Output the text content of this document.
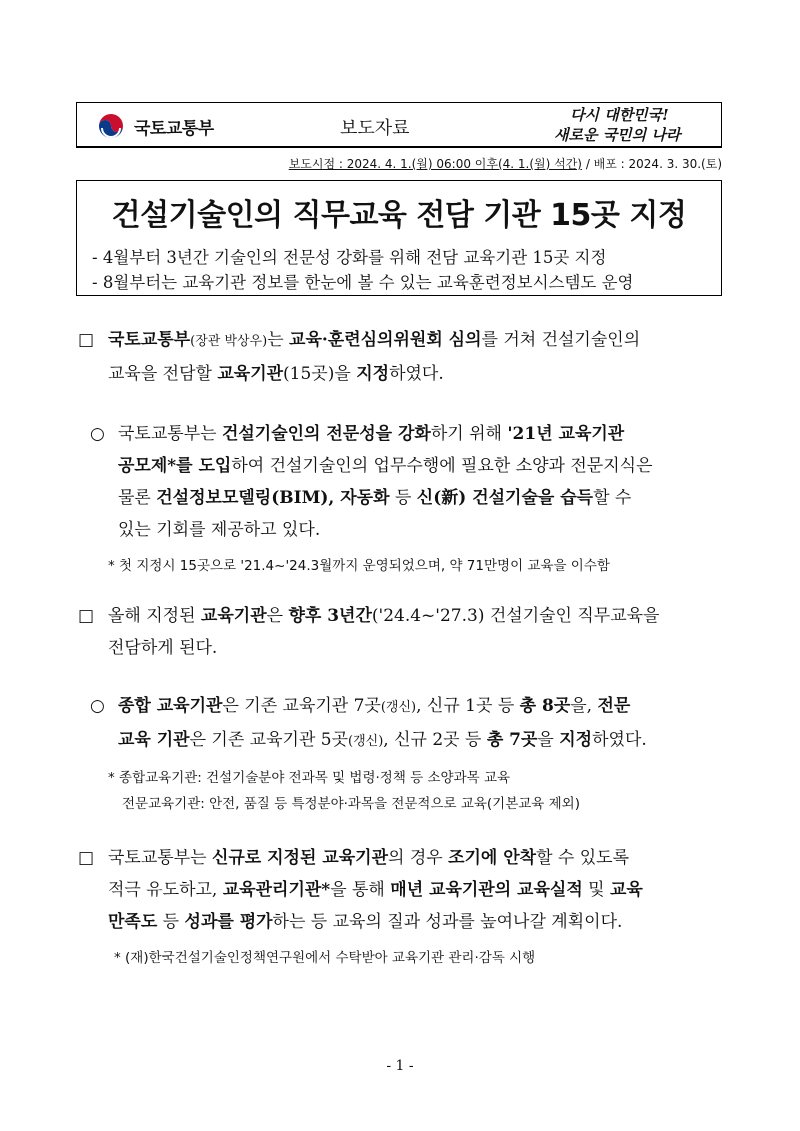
국토교통부	보도자료
다시 대한민국!
새로운 국민의 나라
보도시점 : 2024. 4. 1.(월) 06:00 이후(4. 1.(월) 석간) / 배포 : 2024. 3. 30.(토)
건설기술인의 직무교육 전담 기관 15곳 지정
- 4월부터 3년간 기술인의 전문성 강화를 위해 전담 교육기관 15곳 지정
- 8월부터는 교육기관 정보를 한눈에 볼 수 있는 교육훈련정보시스템도 운영
□ 국토교통부(장관 박상우)는 교육·훈련심의위원회 심의를 거쳐 건설기술인의
교육을 전담할 교육기관(15곳)을 지정하였다.
○ 국토교통부는 건설기술인의 전문성을 강화하기 위해 '21년 교육기관
공모제*를 도입하여 건설기술인의 업무수행에 필요한 소양과 전문지식은
물론 건설정보모델링(BIM), 자동화 등 신(新) 건설기술을 습득할 수
있는 기회를 제공하고 있다.
* 첫 지정시 15곳으로 '21.4~'24.3월까지 운영되었으며, 약 71만명이 교육을 이수함
□ 올해 지정된 교육기관은 향후 3년간('24.4~'27.3) 건설기술인 직무교육을
전담하게 된다.
○ 종합 교육기관은 기존 교육기관 7곳(갱신), 신규 1곳 등 총 8곳을, 전문
교육 기관은 기존 교육기관 5곳(갱신), 신규 2곳 등 총 7곳을 지정하였다.
* 종합교육기관: 건설기술분야 전과목 및 법령·정책 등 소양과목 교육
전문교육기관: 안전, 품질 등 특정분야·과목을 전문적으로 교육(기본교육 제외)
□ 국토교통부는 신규로 지정된 교육기관의 경우 조기에 안착할 수 있도록
적극 유도하고, 교육관리기관*을 통해 매년 교육기관의 교육실적 및 교육
만족도 등 성과를 평가하는 등 교육의 질과 성과를 높여나갈 계획이다.
* (재)한국건설기술인정책연구원에서 수탁받아 교육기관 관리·감독 시행
- 1 -
